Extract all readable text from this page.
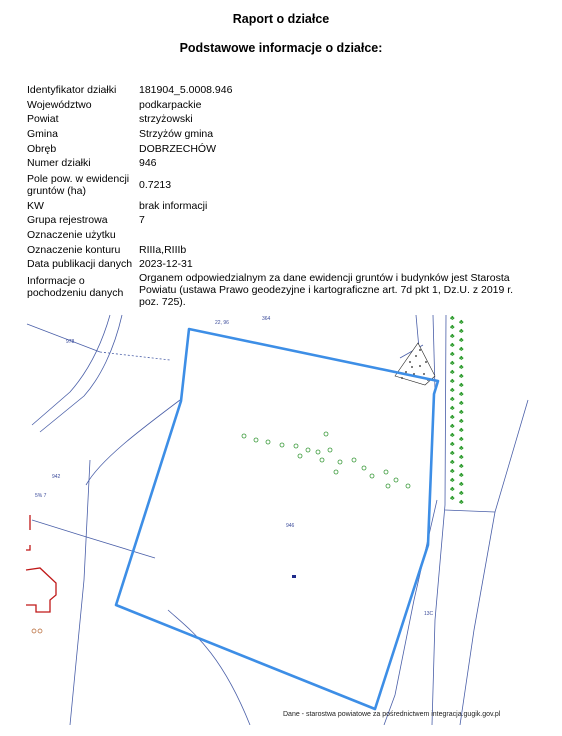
Raport o działce
Podstawowe informacje o działce:
Identyfikator działki	181904_5.0008.946
Województwo	podkarpackie
Powiat	strzyżowski
Gmina	Strzyżów gmina
Obręb	DOBRZECHÓW
Numer działki	946
Pole pow. w ewidencji gruntów (ha)	0.7213
KW	brak informacji
Grupa rejestrowa	7
Oznaczenie użytku	
Oznaczenie konturu	RIIIa,RIIIb
Data publikacji danych	2023-12-31
Informacje o pochodzeniu danych	Organem odpowiedzialnym za dane ewidencji gruntów i budynków jest Starosta Powiatu (ustawa Prawo geodezyjne i kartograficzne art. 7d pkt 1, Dz.U. z 2019 r. poz. 725).
22, 96
364
978
942
946
5% 7
13C
♣
♣
♣
♣
♣
♣
♣
♣
♣
♣
♣
♣
♣
♣
♣
♣
♣
♣
♣
♣
♣
♣
♣
♣
♣
♣
♣
♣
♣
♣
♣
♣
♣
♣
♣
♣
♣
♣
♣
♣
♣
♣
Dane - starostwa powiatowe za pośrednictwem integracja.gugik.gov.pl
